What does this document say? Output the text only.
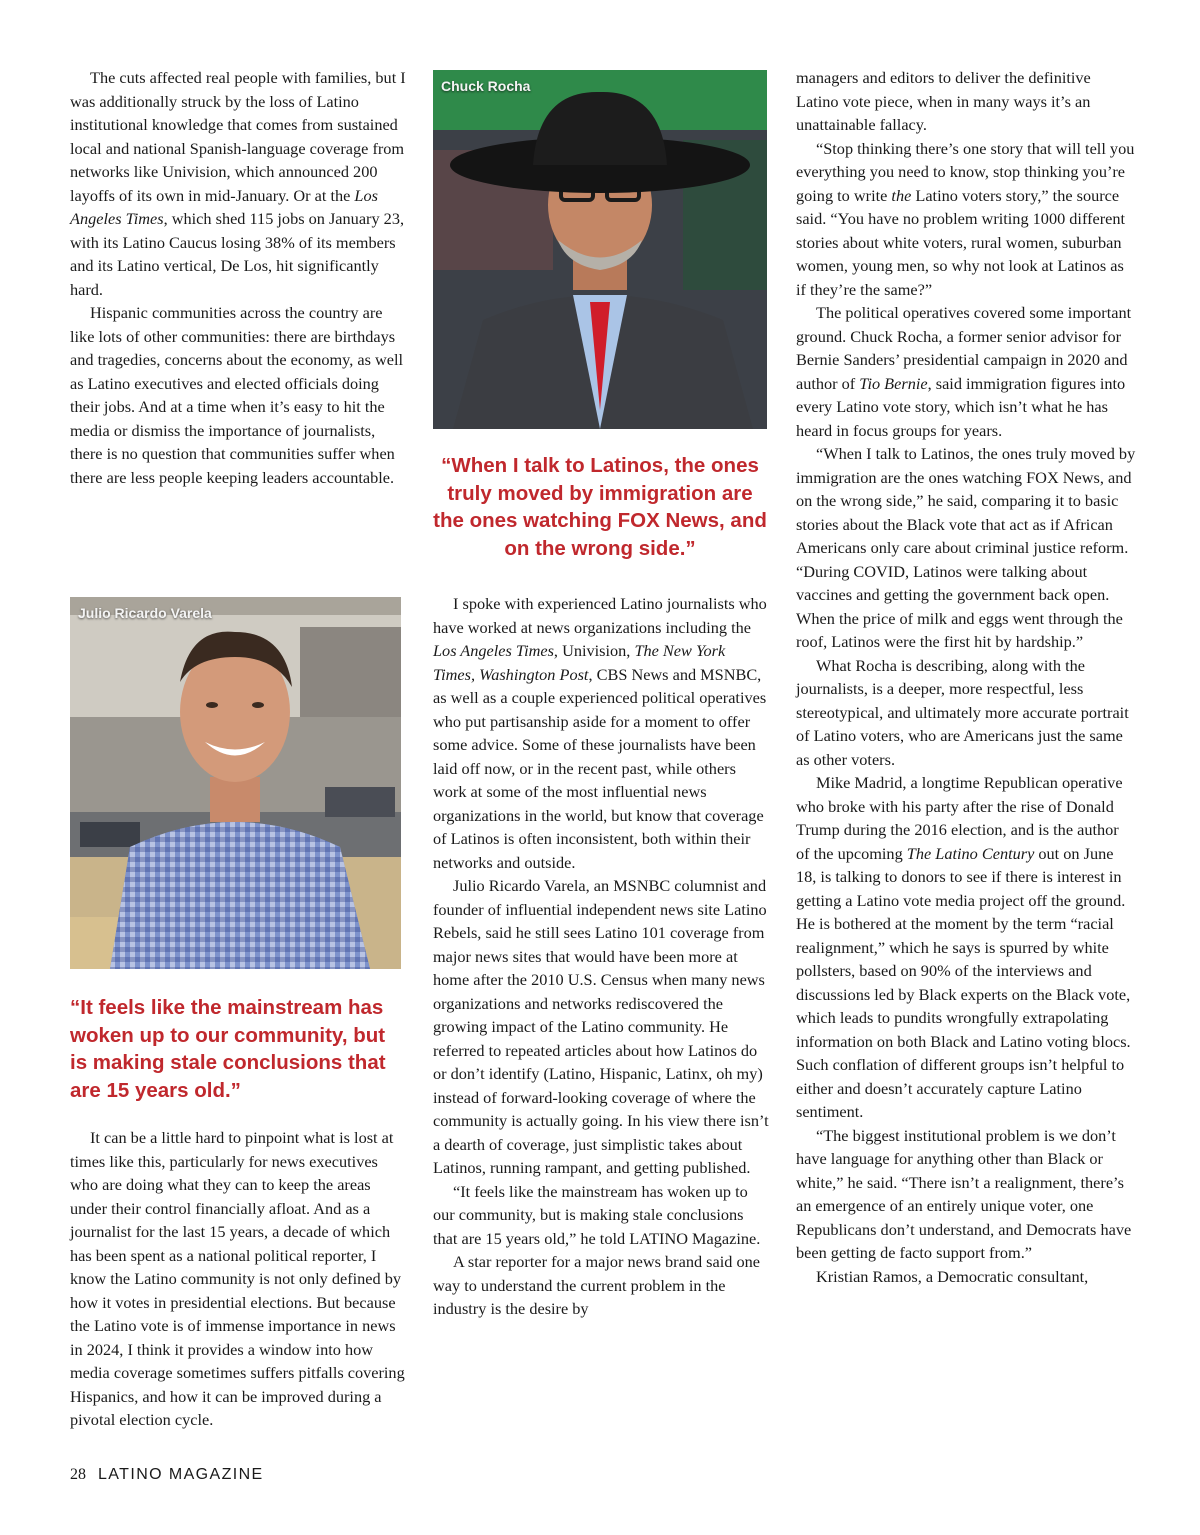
The cuts affected real people with families, but I was additionally struck by the loss of Latino institutional knowledge that comes from sustained local and national Spanish-language coverage from networks like Univision, which announced 200 layoffs of its own in mid-January. Or at the Los Angeles Times, which shed 115 jobs on January 23, with its Latino Caucus losing 38% of its members and its Latino vertical, De Los, hit significantly hard.

Hispanic communities across the country are like lots of other communities: there are birthdays and tragedies, concerns about the economy, as well as Latino executives and elected officials doing their jobs. And at a time when it’s easy to hit the media or dismiss the importance of journalists, there is no question that communities suffer when there are less people keeping leaders accountable.

Julio Ricardo Varela
“It feels like the mainstream has woken up to our community, but is making stale conclusions that are 15 years old.”

It can be a little hard to pinpoint what is lost at times like this, particularly for news executives who are doing what they can to keep the areas under their control financially afloat. And as a journalist for the last 15 years, a decade of which has been spent as a national political reporter, I know the Latino community is not only defined by how it votes in presidential elections. But because the Latino vote is of immense importance in news in 2024, I think it provides a window into how media coverage sometimes suffers pitfalls covering Hispanics, and how it can be improved during a pivotal election cycle.

Chuck Rocha
“When I talk to Latinos, the ones truly moved by immigration are the ones watching FOX News, and on the wrong side.”

I spoke with experienced Latino journalists who have worked at news organizations including the Los Angeles Times, Univision, The New York Times, Washington Post, CBS News and MSNBC, as well as a couple experienced political operatives who put partisanship aside for a moment to offer some advice. Some of these journalists have been laid off now, or in the recent past, while others work at some of the most influential news organizations in the world, but know that coverage of Latinos is often inconsistent, both within their networks and outside.

Julio Ricardo Varela, an MSNBC columnist and founder of influential independent news site Latino Rebels, said he still sees Latino 101 coverage from major news sites that would have been more at home after the 2010 U.S. Census when many news organizations and networks rediscovered the growing impact of the Latino community. He referred to repeated articles about how Latinos do or don’t identify (Latino, Hispanic, Latinx, oh my) instead of forward-looking coverage of where the community is actually going. In his view there isn’t a dearth of coverage, just simplistic takes about Latinos, running rampant, and getting published.

“It feels like the mainstream has woken up to our community, but is making stale conclusions that are 15 years old,” he told LATINO Magazine.

A star reporter for a major news brand said one way to understand the current problem in the industry is the desire by

managers and editors to deliver the definitive Latino vote piece, when in many ways it’s an unattainable fallacy.

“Stop thinking there’s one story that will tell you everything you need to know, stop thinking you’re going to write the Latino voters story,” the source said. “You have no problem writing 1000 different stories about white voters, rural women, suburban women, young men, so why not look at Latinos as if they’re the same?”

The political operatives covered some important ground. Chuck Rocha, a former senior advisor for Bernie Sanders’ presidential campaign in 2020 and author of Tio Bernie, said immigration figures into every Latino vote story, which isn’t what he has heard in focus groups for years.

“When I talk to Latinos, the ones truly moved by immigration are the ones watching FOX News, and on the wrong side,” he said, comparing it to basic stories about the Black vote that act as if African Americans only care about criminal justice reform. “During COVID, Latinos were talking about vaccines and getting the government back open. When the price of milk and eggs went through the roof, Latinos were the first hit by hardship.”

What Rocha is describing, along with the journalists, is a deeper, more respectful, less stereotypical, and ultimately more accurate portrait of Latino voters, who are Americans just the same as other voters.

Mike Madrid, a longtime Republican operative who broke with his party after the rise of Donald Trump during the 2016 election, and is the author of the upcoming The Latino Century out on June 18, is talking to donors to see if there is interest in getting a Latino vote media project off the ground. He is bothered at the moment by the term “racial realignment,” which he says is spurred by white pollsters, based on 90% of the interviews and discussions led by Black experts on the Black vote, which leads to pundits wrongfully extrapolating information on both Black and Latino voting blocs. Such conflation of different groups isn’t helpful to either and doesn’t accurately capture Latino sentiment.

“The biggest institutional problem is we don’t have language for anything other than Black or white,” he said. “There isn’t a realignment, there’s an emergence of an entirely unique voter, one Republicans don’t understand, and Democrats have been getting de facto support from.”

Kristian Ramos, a Democratic consultant,

28 LATINO MAGAZINE
